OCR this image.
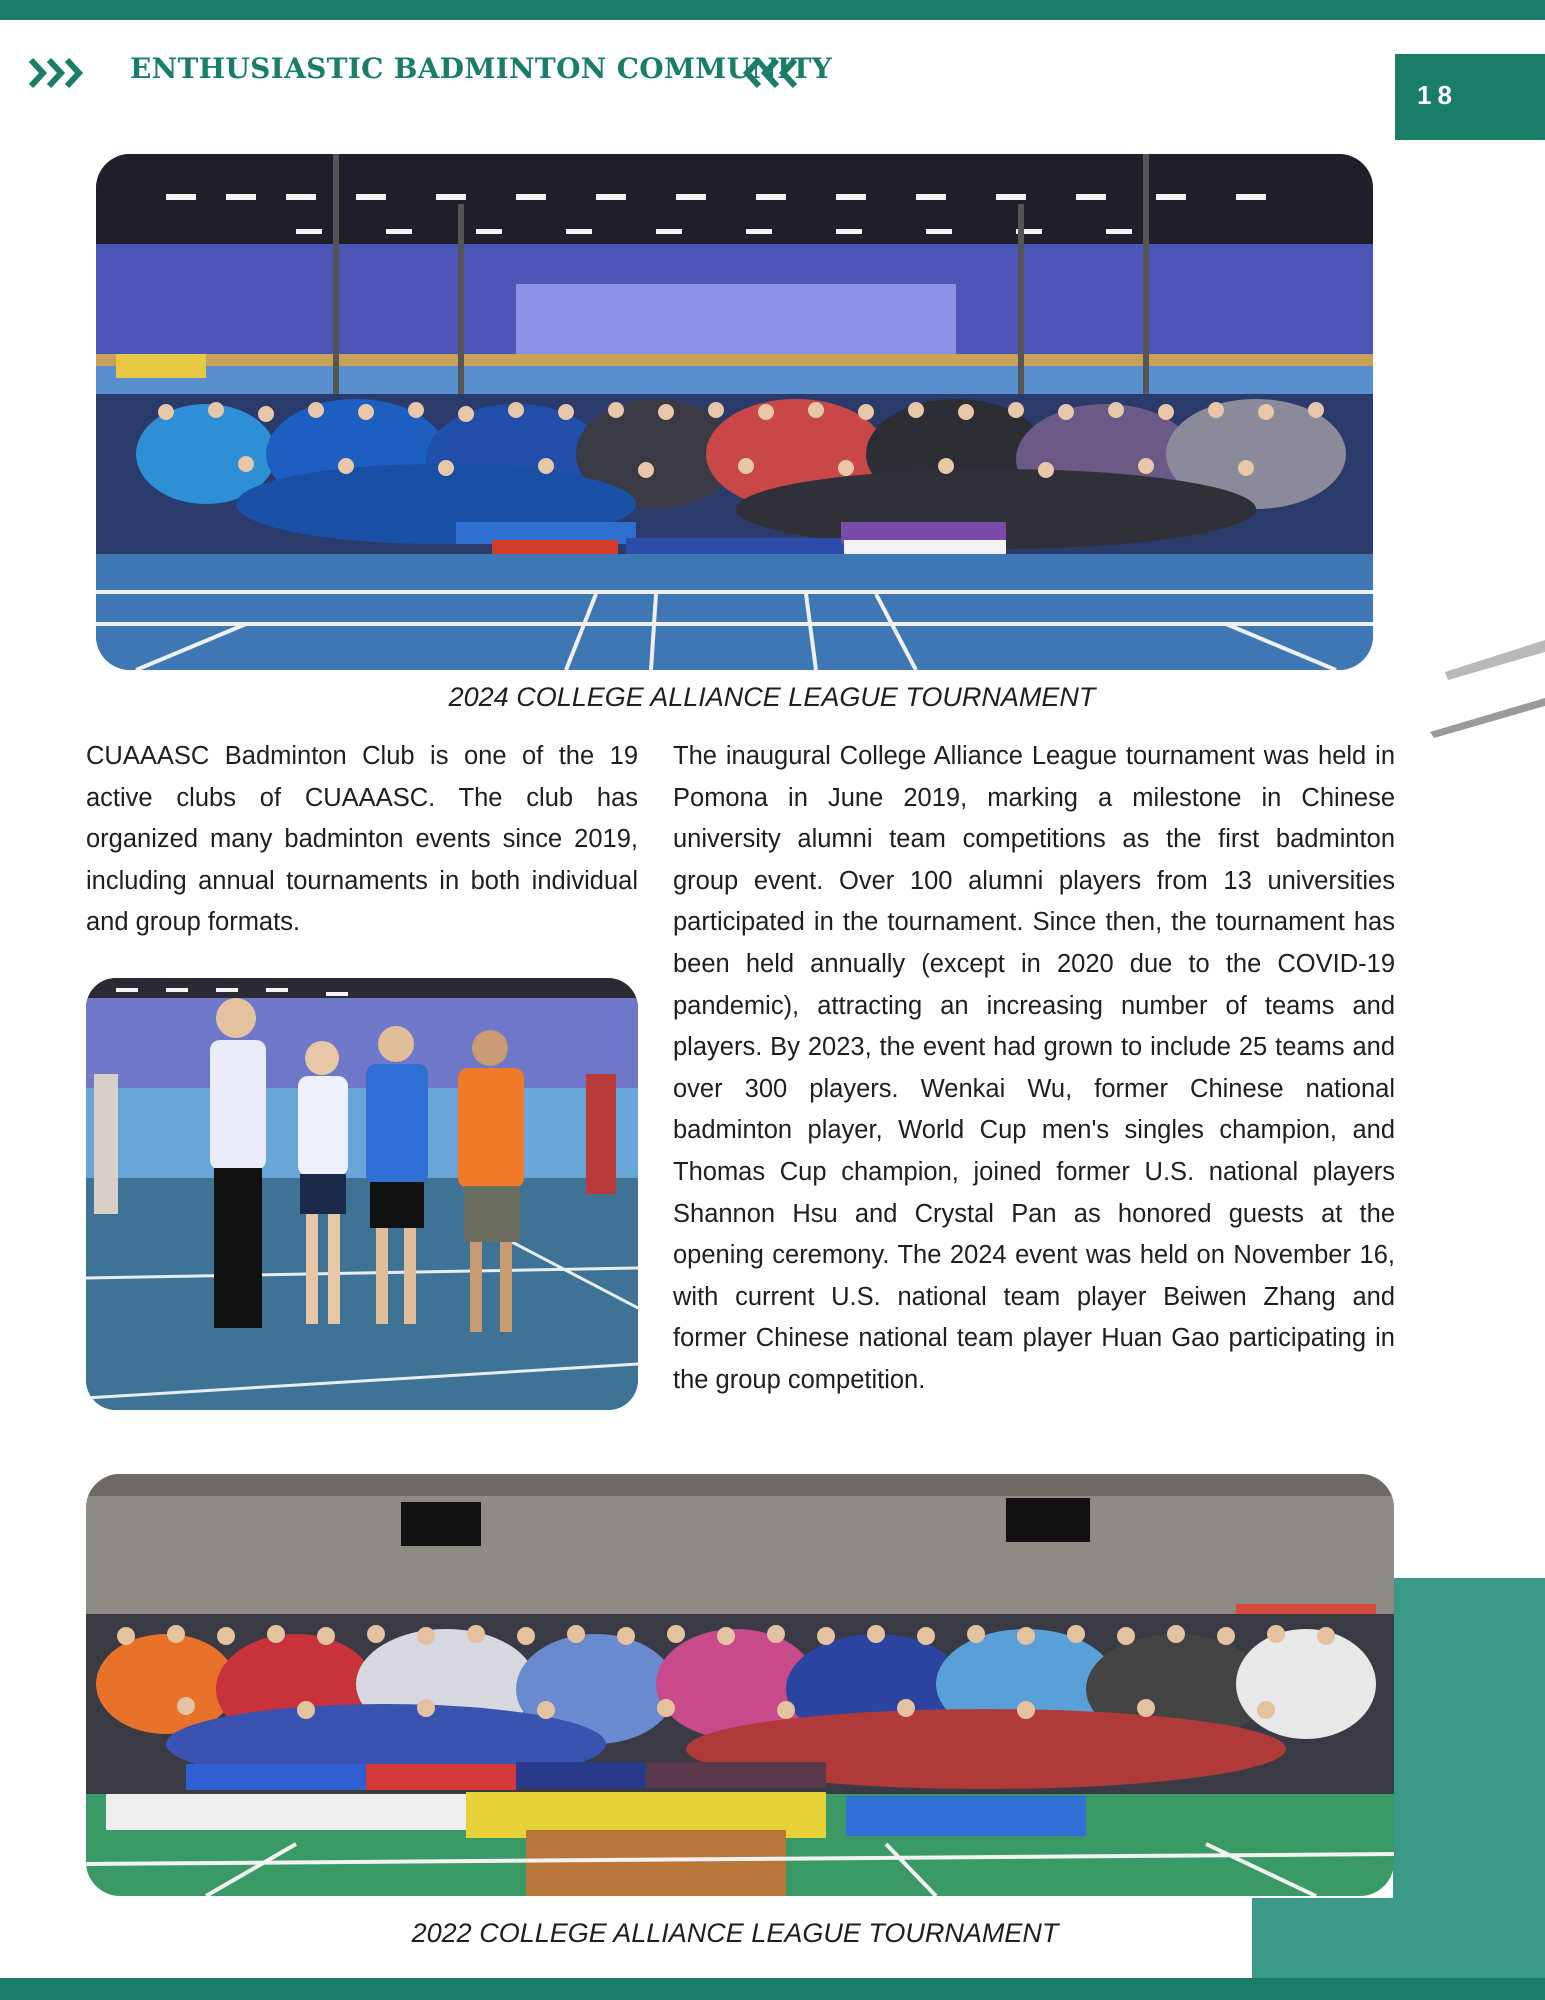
ENTHUSIASTIC BADMINTON COMMUNITY
18
2024 COLLEGE ALLIANCE LEAGUE TOURNAMENT
CUAAASC Badminton Club is one of the 19 active clubs of CUAAASC. The club has organized many badminton events since 2019, including annual tournaments in both individual and group formats.
The inaugural College Alliance League tournament was held in Pomona in June 2019, marking a milestone in Chinese university alumni team competitions as the first badminton group event. Over 100 alumni players from 13 universities participated in the tournament. Since then, the tournament has been held annually (except in 2020 due to the COVID-19 pandemic), attracting an increasing number of teams and players. By 2023, the event had grown to include 25 teams and over 300 players. Wenkai Wu, former Chinese national badminton player, World Cup men's singles champion, and Thomas Cup champion, joined former U.S. national players Shannon Hsu and Crystal Pan as honored guests at the opening ceremony. The 2024 event was held on November 16, with current U.S. national team player Beiwen Zhang and former Chinese national team player Huan Gao participating in the group competition.
2022 COLLEGE ALLIANCE LEAGUE TOURNAMENT
